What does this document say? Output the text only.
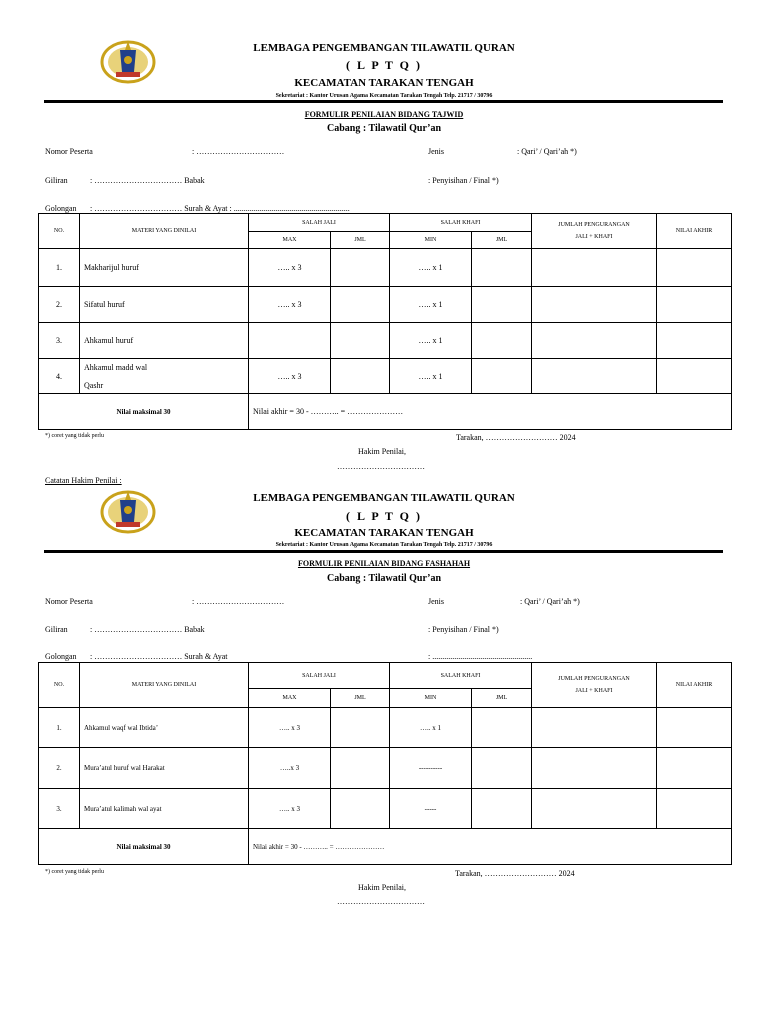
LEMBAGA PENGEMBANGAN TILAWATIL QURAN
( L P T Q )
KECAMATAN TARAKAN TENGAH
Sekretariat : Kantor Urusan Agama Kecamatan Tarakan Tengah Telp. 21717 / 30796
FORMULIR PENILAIAN BIDANG TAJWID
Cabang : Tilawatil Qur’an
Nomor Peserta	: ……………………………	Jenis	: Qari’ / Qari’ah *)
Giliran	: …………………………… Babak	: Penyisihan / Final *)
Golongan : …………………………… Surah & Ayat : ..........................................................
NO.	MATERI YANG DINILAI	SALAH JALI		SALAH KHAFI		JUMLAH PENGURANGAN

JALI + KHAFI	NILAI AKHIR
		MAX	JML	MIN	JML		
1.	Makharijul huruf	….. x 3		….. x 1			
2.	Sifatul huruf	….. x 3		….. x 1			
3.	Ahkamul huruf			….. x 1			
4.	Ahkamul madd wal

Qashr	….. x 3		….. x 1			
Nilai maksimal 30		Nilai akhir = 30 - ……….. = …………………					
*) coret yang tidak perlu	Tarakan, ……………………… 2024
Hakim Penilai,
……………………………
Catatan Hakim Penilai :
LEMBAGA PENGEMBANGAN TILAWATIL QURAN
( L P T Q )
KECAMATAN TARAKAN TENGAH
Sekretariat : Kantor Urusan Agama Kecamatan Tarakan Tengah Telp. 21717 / 30796
FORMULIR PENILAIAN BIDANG FASHAHAH
Cabang : Tilawatil Qur’an
Nomor Peserta	: ……………………………	Jenis	: Qari’ / Qari’ah *)
Giliran	: …………………………… Babak	: Penyisihan / Final *)
Golongan : …………………………… Surah & Ayat	: ..................................................
NO.	MATERI YANG DINILAI	SALAH JALI		SALAH KHAFI		JUMLAH PENGURANGAN

JALI + KHAFI	NILAI AKHIR
		MAX	JML	MIN	JML		
1.	Ahkamul waqf wal Ibtida’	….. x 3		….. x 1			
2.	Mura’atul huruf wal Harakat	…..x 3		----------			
3.	Mura’atul kalimah wal ayat	….. x 3		-----			
Nilai maksimal 30		Nilai akhir = 30 - ……….. = …………………					
*) coret yang tidak perlu	Tarakan, ……………………… 2024
Hakim Penilai,
……………………………
